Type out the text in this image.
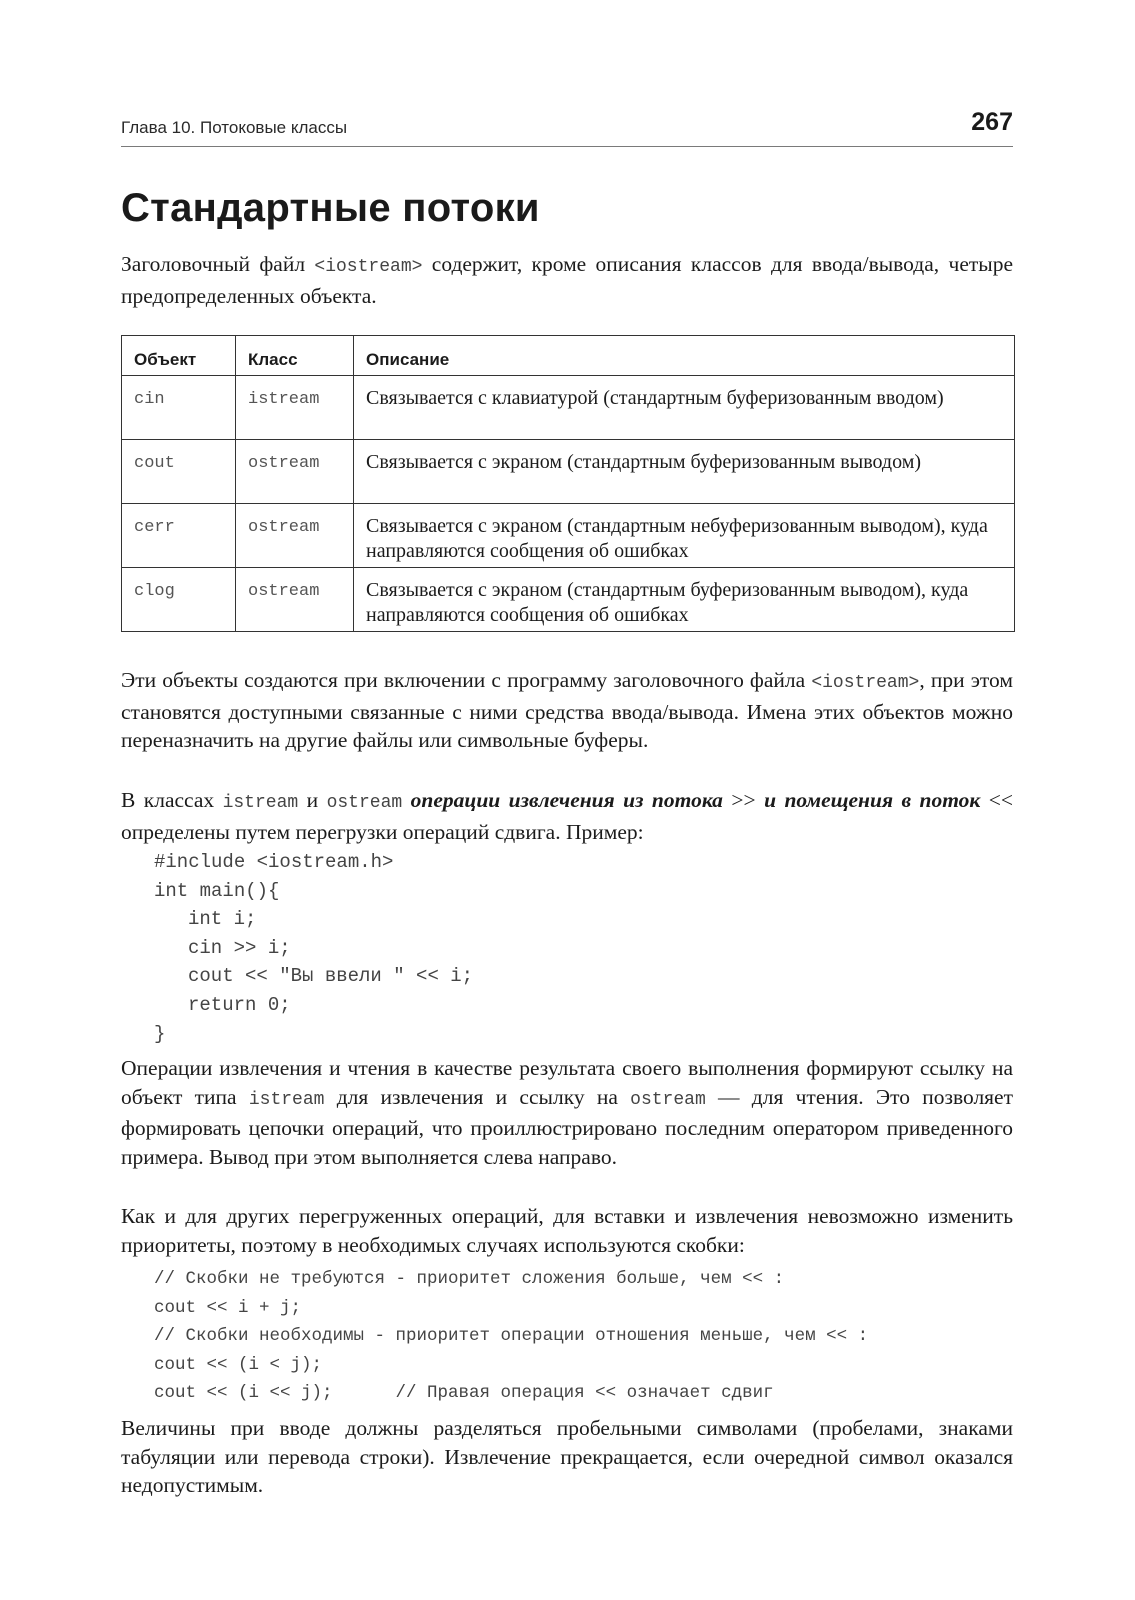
Глава 10. Потоковые классы	267
Стандартные потоки

Заголовочный файл <iostream> содержит, кроме описания классов для ввода/вывода, четыре предопределенных объекта.

Объект	Класс	Описание
cin	istream	Связывается с клавиатурой (стандартным буферизованным вводом)
cout	ostream	Связывается с экраном (стандартным буферизованным выводом)
cerr	ostream	Связывается с экраном (стандартным небуферизованным выводом), куда направляются сообщения об ошибках
clog	ostream	Связывается с экраном (стандартным буферизованным выводом), куда направляются сообщения об ошибках

Эти объекты создаются при включении с программу заголовочного файла <iostream>, при этом становятся доступными связанные с ними средства ввода/вывода. Имена этих объектов можно переназначить на другие файлы или символьные буферы.

В классах istream и ostream операции извлечения из потока >> и помещения в поток << определены путем перегрузки операций сдвига. Пример:

#include <iostream.h>
int main(){
int i;
cin >> i;
cout << "Вы ввели " << i;
return 0;
}

Операции извлечения и чтения в качестве результата своего выполнения формируют ссылку на объект типа istream для извлечения и ссылку на ostream — для чтения. Это позволяет формировать цепочки операций, что проиллюстрировано последним оператором приведенного примера. Вывод при этом выполняется слева направо.

Как и для других перегруженных операций, для вставки и извлечения невозможно изменить приоритеты, поэтому в необходимых случаях используются скобки:

// Скобки не требуются - приоритет сложения больше, чем << :
cout << i + j;
// Скобки необходимы - приоритет операции отношения меньше, чем << :
cout << (i < j);
cout << (i << j);      // Правая операция << означает сдвиг

Величины при вводе должны разделяться пробельными символами (пробелами, знаками табуляции или перевода строки). Извлечение прекращается, если очередной символ оказался недопустимым.
